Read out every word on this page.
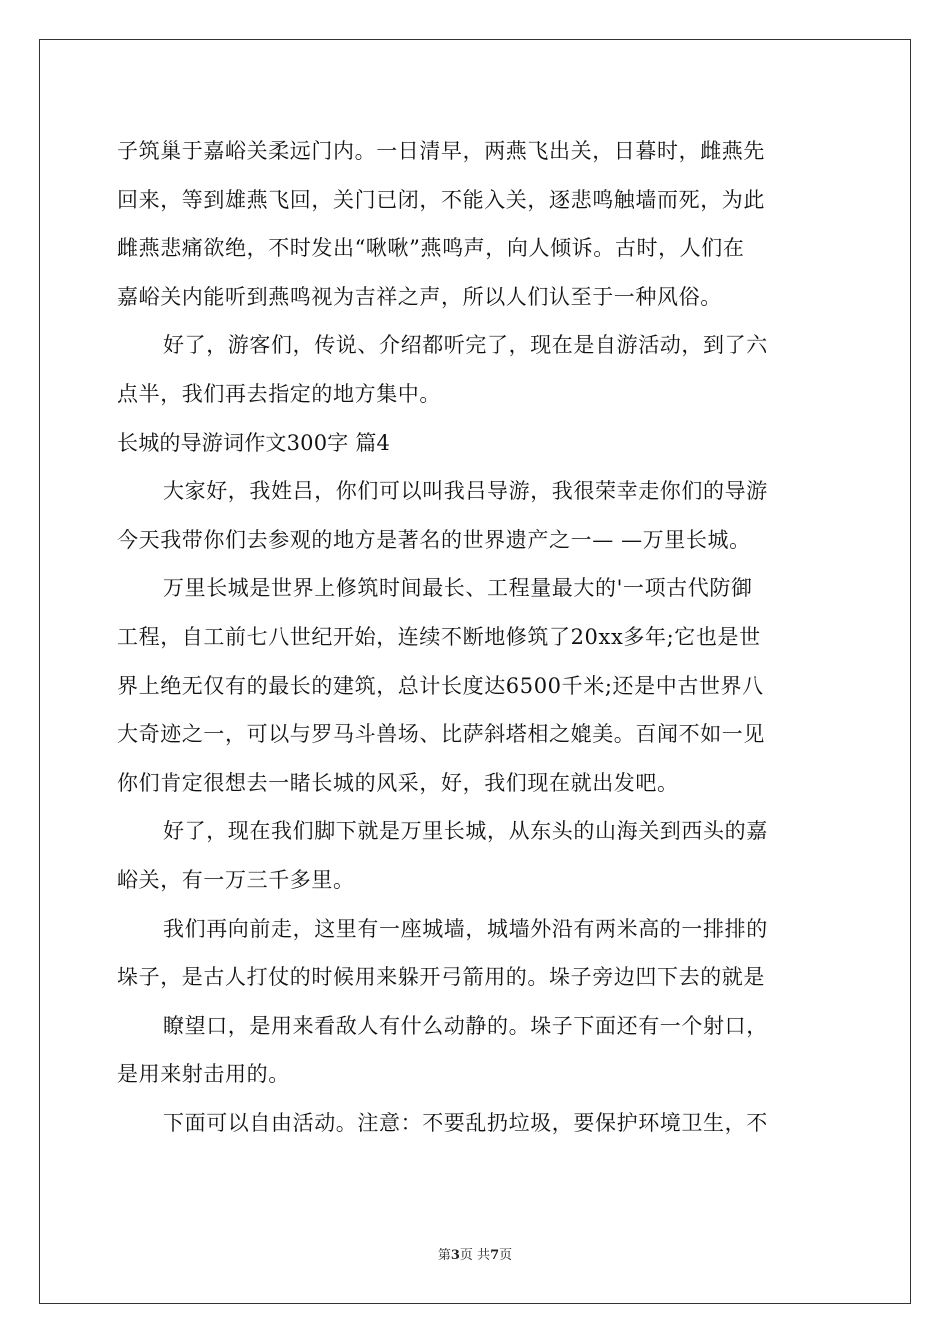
子筑巢于嘉峪关柔远门内。一日清早，两燕飞出关，日暮时，雌燕先
回来，等到雄燕飞回，关门已闭，不能入关，逐悲鸣触墙而死，为此
雌燕悲痛欲绝，不时发出“啾啾”燕鸣声，向人倾诉。古时，人们在
嘉峪关内能听到燕鸣视为吉祥之声，所以人们认至于一种风俗。
好了，游客们，传说、介绍都听完了，现在是自游活动，到了六
点半，我们再去指定的地方集中。
长城的导游词作文300字 篇4
大家好，我姓吕，你们可以叫我吕导游，我很荣幸走你们的导游
今天我带你们去参观的地方是著名的世界遗产之一— —万里长城。
万里长城是世界上修筑时间最长、工程量最大的'一项古代防御
工程，自工前七八世纪开始，连续不断地修筑了20xx多年;它也是世
界上绝无仅有的最长的建筑，总计长度达6500千米;还是中古世界八
大奇迹之一，可以与罗马斗兽场、比萨斜塔相之媲美。百闻不如一见
你们肯定很想去一睹长城的风采，好，我们现在就出发吧。
好了，现在我们脚下就是万里长城，从东头的山海关到西头的嘉
峪关，有一万三千多里。
我们再向前走，这里有一座城墙，城墙外沿有两米高的一排排的
垛子，是古人打仗的时候用来躲开弓箭用的。垛子旁边凹下去的就是
瞭望口，是用来看敌人有什么动静的。垛子下面还有一个射口，
是用来射击用的。
下面可以自由活动。注意：不要乱扔垃圾，要保护环境卫生，不
第3页 共7页
